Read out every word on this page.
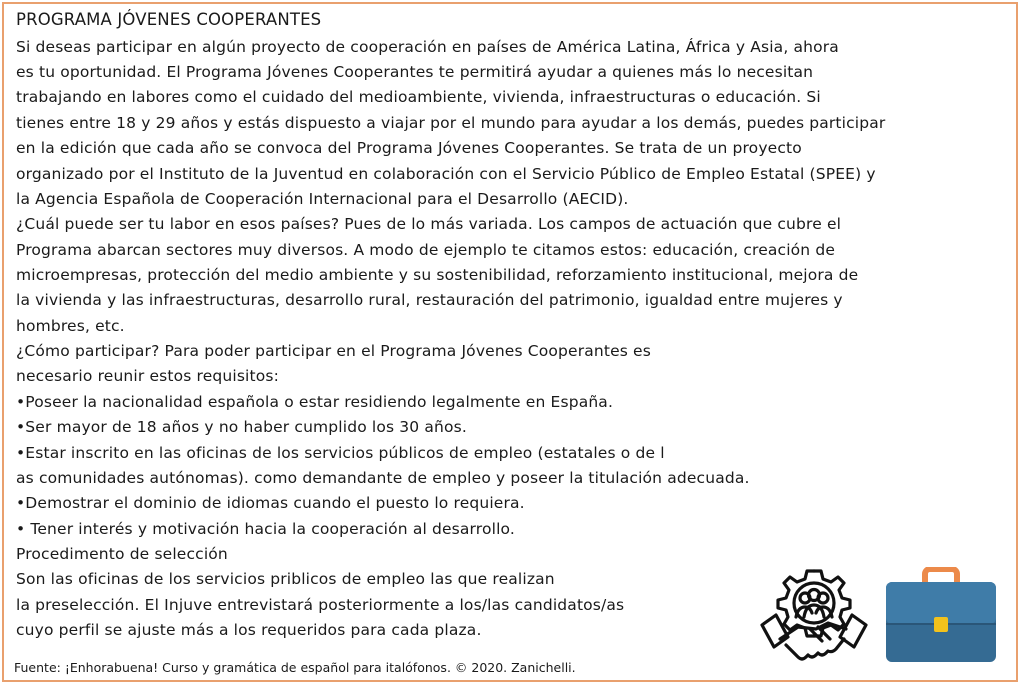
PROGRAMA JÓVENES COOPERANTES
Si deseas participar en algún proyecto de cooperación en países de América Latina, África y Asia, ahora
es tu oportunidad. El Programa Jóvenes Cooperantes te permitirá ayudar a quienes más lo necesitan
trabajando en labores como el cuidado del medioambiente, vivienda, infraestructuras o educación. Si
tienes entre 18 y 29 años y estás dispuesto a viajar por el mundo para ayudar a los demás, puedes participar
en la edición que cada año se convoca del Programa Jóvenes Cooperantes. Se trata de un proyecto
organizado por el Instituto de la Juventud en colaboración con el Servicio Público de Empleo Estatal (SPEE) y
la Agencia Española de Cooperación Internacional para el Desarrollo (AECID).
¿Cuál puede ser tu labor en esos países? Pues de lo más variada. Los campos de actuación que cubre el
Programa abarcan sectores muy diversos. A modo de ejemplo te citamos estos: educación, creación de
microempresas, protección del medio ambiente y su sostenibilidad, reforzamiento institucional, mejora de
la vivienda y las infraestructuras, desarrollo rural, restauración del patrimonio, igualdad entre mujeres y
hombres, etc.
¿Cómo participar? Para poder participar en el Programa Jóvenes Cooperantes es
necesario reunir estos requisitos:
•Poseer la nacionalidad española o estar residiendo legalmente en España.
•Ser mayor de 18 años y no haber cumplido los 30 años.
•Estar inscrito en las oficinas de los servicios públicos de empleo (estatales o de l
as comunidades autónomas). como demandante de empleo y poseer la titulación adecuada.
•Demostrar el dominio de idiomas cuando el puesto lo requiera.
• Tener interés y motivación hacia la cooperación al desarrollo.
Procedimento de selección
Son las oficinas de los servicios priblicos de empleo las que realizan
la preselección. El Injuve entrevistará posteriormente a los/las candidatos/as
cuyo perfil se ajuste más a los requeridos para cada plaza.
Fuente: ¡Enhorabuena! Curso y gramática de español para italófonos. © 2020. Zanichelli.
